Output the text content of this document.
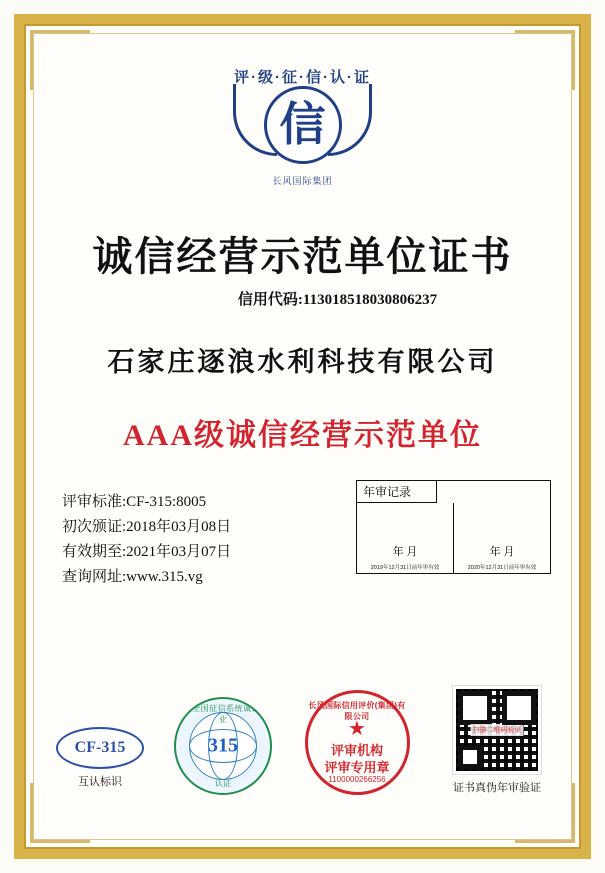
评·级·征·信·认·证
信
长风国际集团
诚信经营示范单位证书
信用代码:113018518030806237
石家庄逐浪水利科技有限公司
AAA级诚信经营示范单位
评审标准:CF-315:8005
初次颁证:2018年03月08日
有效期至:2021年03月07日
查询网址:www.315.vg
年审记录
年 月
2019年12月31日前年审有效
年 月
2020年12月31日前年审有效
CF-315
互认标识
315全国征信系统诚信企业
315
认证
长风国际信用评价(集团)有限公司
★
评审机构
评审专用章
1100000266256
扫描二维码验证
证书真伪年审验证
